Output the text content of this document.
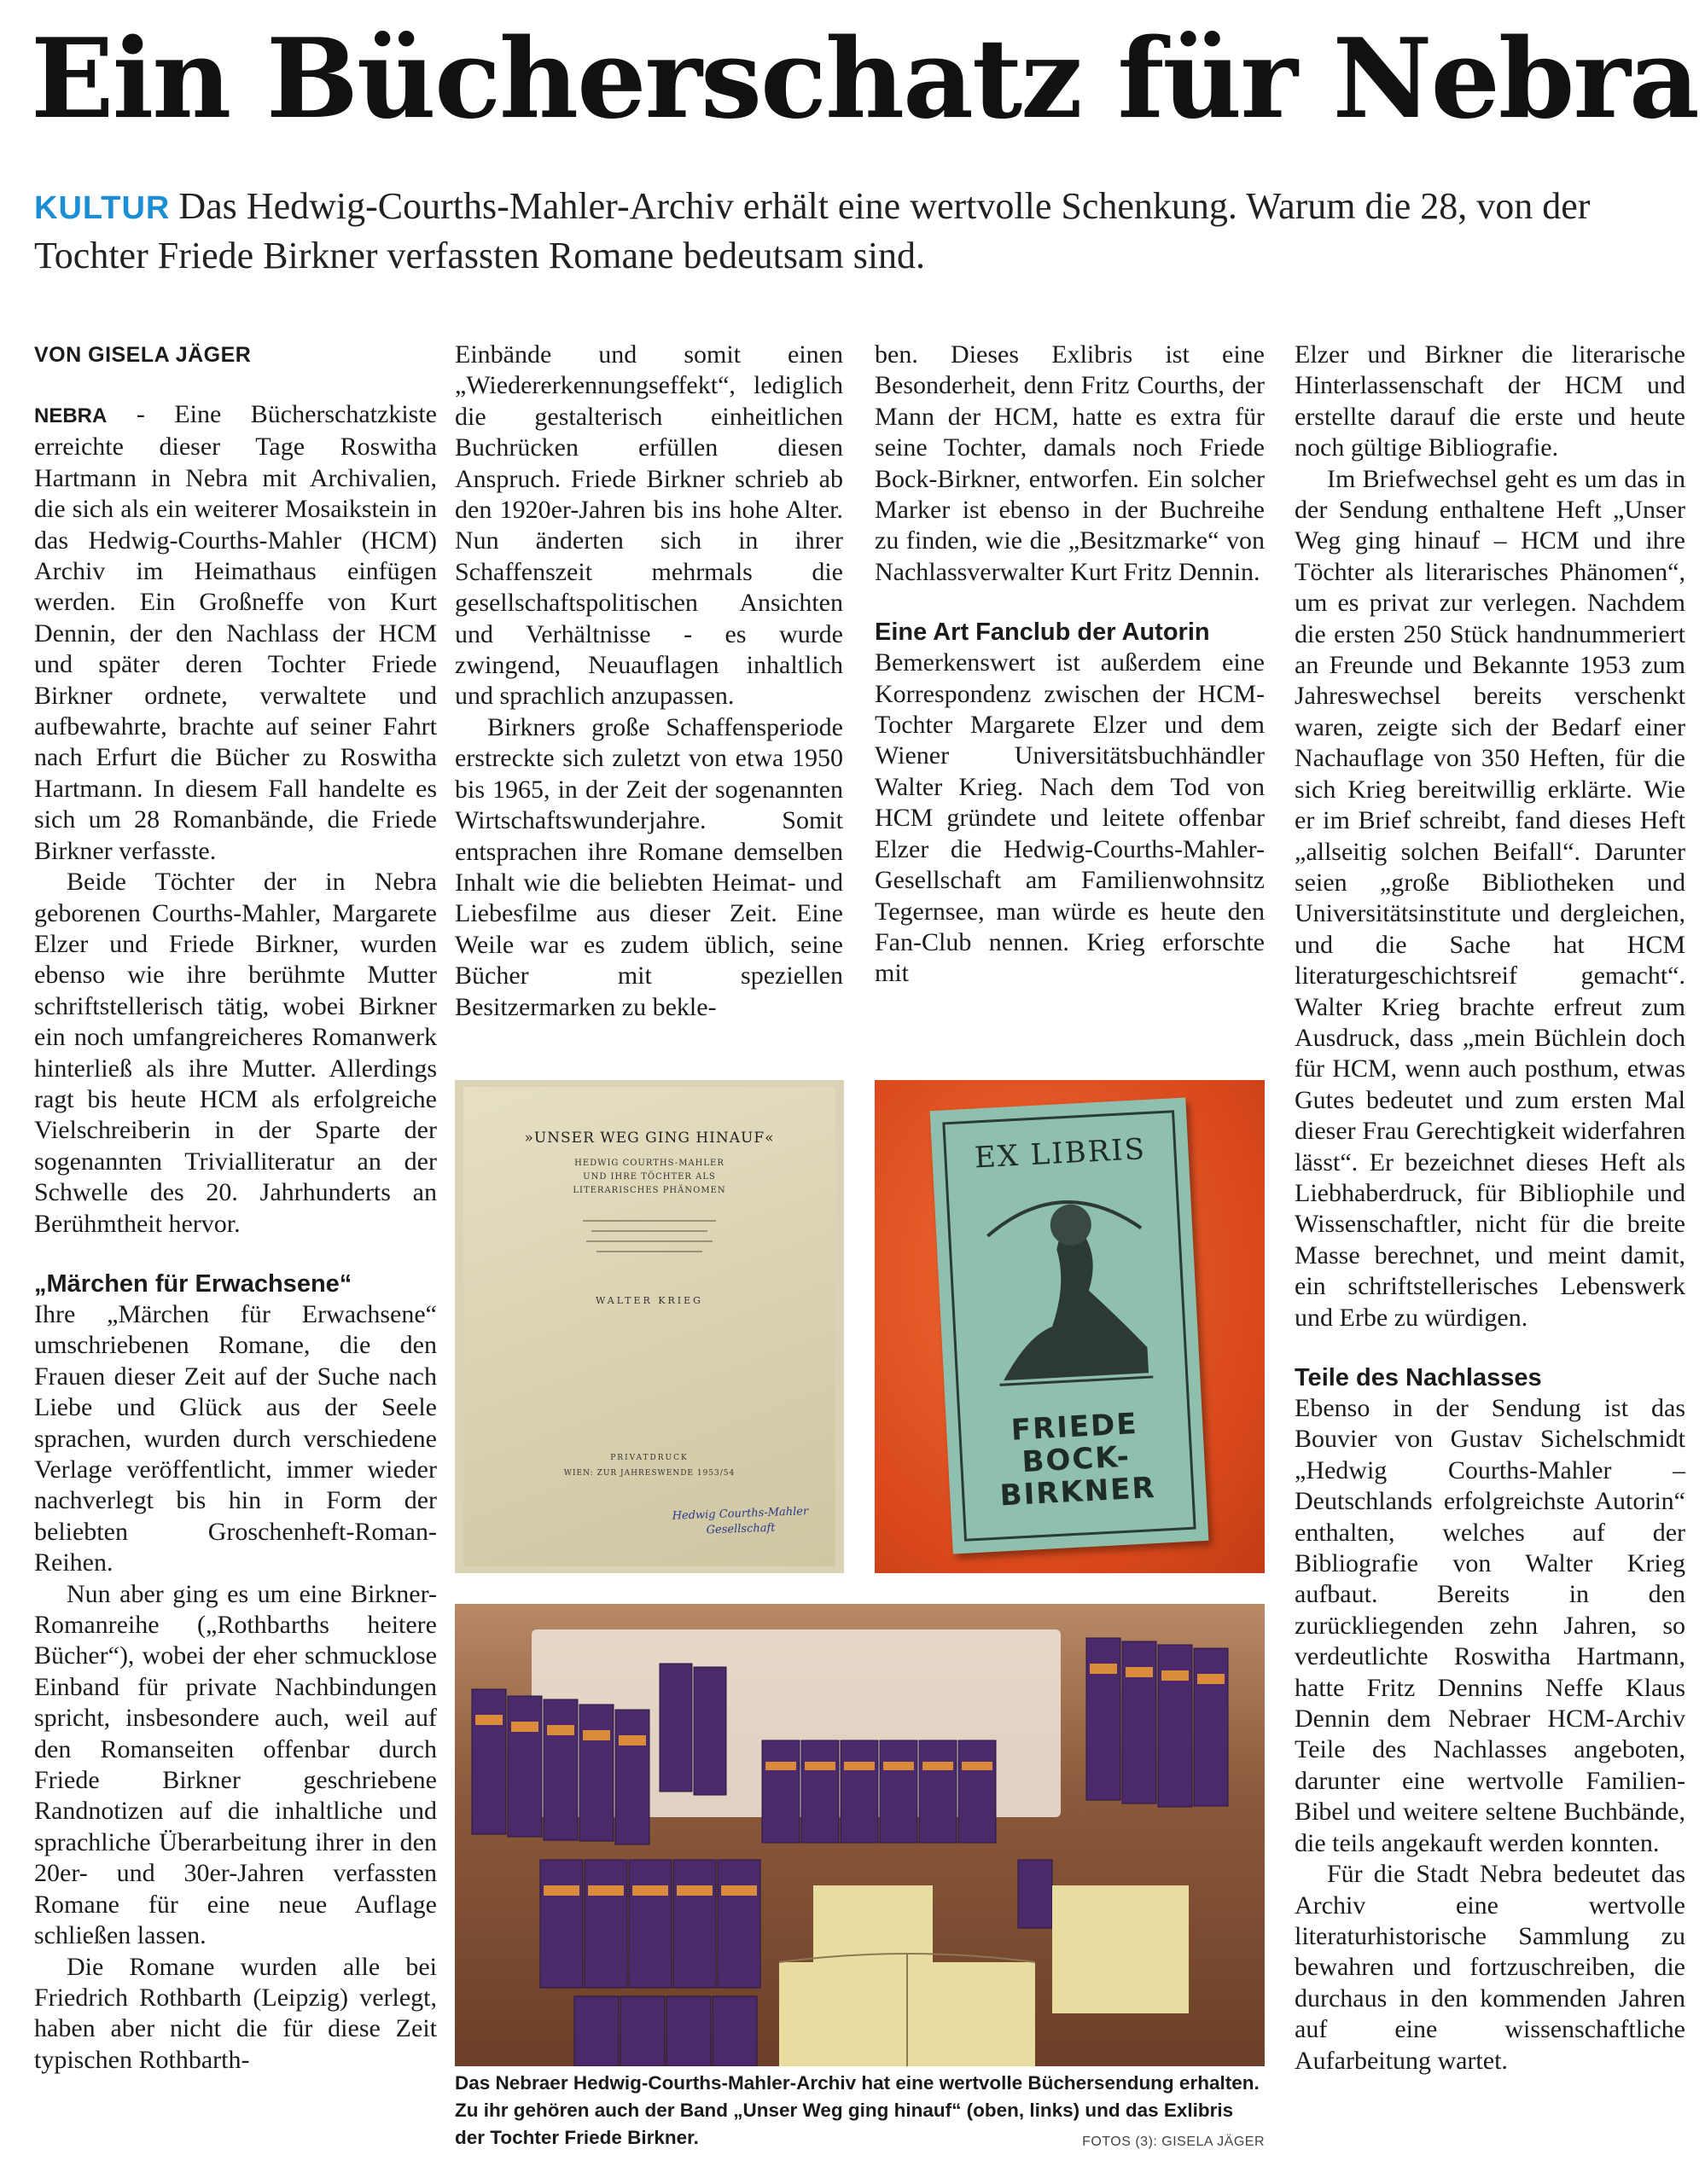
Ein Bücherschatz für Nebra
KULTUR Das Hedwig-Courths-Mahler-Archiv erhält eine wertvolle Schenkung. Warum die 28, von der Tochter Friede Birkner verfassten Romane bedeutsam sind.
VON GISELA JÄGER

NEBRA - Eine Bücherschatzkiste erreichte dieser Tage Roswitha Hartmann in Nebra mit Archivalien, die sich als ein weiterer Mosaikstein in das Hedwig-Courths-Mahler (HCM) Archiv im Heimathaus einfügen werden. Ein Großneffe von Kurt Dennin, der den Nachlass der HCM und später deren Tochter Friede Birkner ordnete, verwaltete und aufbewahrte, brachte auf seiner Fahrt nach Erfurt die Bücher zu Roswitha Hartmann. In diesem Fall handelte es sich um 28 Romanbände, die Friede Birkner verfasste.

Beide Töchter der in Nebra geborenen Courths-Mahler, Margarete Elzer und Friede Birkner, wurden ebenso wie ihre berühmte Mutter schriftstellerisch tätig, wobei Birkner ein noch umfangreicheres Romanwerk hinterließ als ihre Mutter. Allerdings ragt bis heute HCM als erfolgreiche Vielschreiberin in der Sparte der sogenannten Trivialliteratur an der Schwelle des 20. Jahrhunderts an Berühmtheit hervor.

„Märchen für Erwachsene“

Ihre „Märchen für Erwachsene“ umschriebenen Romane, die den Frauen dieser Zeit auf der Suche nach Liebe und Glück aus der Seele sprachen, wurden durch verschiedene Verlage veröffentlicht, immer wieder nachverlegt bis hin in Form der beliebten Groschenheft-Roman-Reihen.

Nun aber ging es um eine Birkner-Romanreihe („Rothbarths heitere Bücher“), wobei der eher schmucklose Einband für private Nachbindungen spricht, insbesondere auch, weil auf den Romanseiten offenbar durch Friede Birkner geschriebene Randnotizen auf die inhaltliche und sprachliche Überarbeitung ihrer in den 20er- und 30er-Jahren verfassten Romane für eine neue Auflage schließen lassen.

Die Romane wurden alle bei Friedrich Rothbarth (Leipzig) verlegt, haben aber nicht die für diese Zeit typischen Rothbarth-

Einbände und somit einen „Wiedererkennungseffekt“, lediglich die gestalterisch einheitlichen Buchrücken erfüllen diesen Anspruch. Friede Birkner schrieb ab den 1920er-Jahren bis ins hohe Alter. Nun änderten sich in ihrer Schaffenszeit mehrmals die gesellschaftspolitischen Ansichten und Verhältnisse - es wurde zwingend, Neuauflagen inhaltlich und sprachlich anzupassen.

Birkners große Schaffensperiode erstreckte sich zuletzt von etwa 1950 bis 1965, in der Zeit der sogenannten Wirtschaftswunderjahre. Somit entsprachen ihre Romane demselben Inhalt wie die beliebten Heimat- und Liebesfilme aus dieser Zeit. Eine Weile war es zudem üblich, seine Bücher mit speziellen Besitzermarken zu bekle-

ben. Dieses Exlibris ist eine Besonderheit, denn Fritz Courths, der Mann der HCM, hatte es extra für seine Tochter, damals noch Friede Bock-Birkner, entworfen. Ein solcher Marker ist ebenso in der Buchreihe zu finden, wie die „Besitzmarke“ von Nachlassverwalter Kurt Fritz Dennin.

Eine Art Fanclub der Autorin

Bemerkenswert ist außerdem eine Korrespondenz zwischen der HCM-Tochter Margarete Elzer und dem Wiener Universitätsbuchhändler Walter Krieg. Nach dem Tod von HCM gründete und leitete offenbar Elzer die Hedwig-Courths-Mahler-Gesellschaft am Familienwohnsitz Tegernsee, man würde es heute den Fan-Club nennen. Krieg erforschte mit

Elzer und Birkner die literarische Hinterlassenschaft der HCM und erstellte darauf die erste und heute noch gültige Bibliografie.

Im Briefwechsel geht es um das in der Sendung enthaltene Heft „Unser Weg ging hinauf – HCM und ihre Töchter als literarisches Phänomen“, um es privat zur verlegen. Nachdem die ersten 250 Stück handnummeriert an Freunde und Bekannte 1953 zum Jahreswechsel bereits verschenkt waren, zeigte sich der Bedarf einer Nachauflage von 350 Heften, für die sich Krieg bereitwillig erklärte. Wie er im Brief schreibt, fand dieses Heft „allseitig solchen Beifall“. Darunter seien „große Bibliotheken und Universitätsinstitute und dergleichen, und die Sache hat HCM literaturgeschichtsreif gemacht“. Walter Krieg brachte erfreut zum Ausdruck, dass „mein Büchlein doch für HCM, wenn auch posthum, etwas Gutes bedeutet und zum ersten Mal dieser Frau Gerechtigkeit widerfahren lässt“. Er bezeichnet dieses Heft als Liebhaberdruck, für Bibliophile und Wissenschaftler, nicht für die breite Masse berechnet, und meint damit, ein schriftstellerisches Lebenswerk und Erbe zu würdigen.

Teile des Nachlasses

Ebenso in der Sendung ist das Bouvier von Gustav Sichelschmidt „Hedwig Courths-Mahler – Deutschlands erfolgreichste Autorin“ enthalten, welches auf der Bibliografie von Walter Krieg aufbaut. Bereits in den zurückliegenden zehn Jahren, so verdeutlichte Roswitha Hartmann, hatte Fritz Dennins Neffe Klaus Dennin dem Nebraer HCM-Archiv Teile des Nachlasses angeboten, darunter eine wertvolle Familien-Bibel und weitere seltene Buchbände, die teils angekauft werden konnten.

Für die Stadt Nebra bedeutet das Archiv eine wertvolle literaturhistorische Sammlung zu bewahren und fortzuschreiben, die durchaus in den kommenden Jahren auf eine wissenschaftliche Aufarbeitung wartet.

»UNSER WEG GING HINAUF«
HEDWIG COURTHS-MAHLER
UND IHRE TÖCHTER ALS
LITERARISCHES PHÄNOMEN
WALTER KRIEG
PRIVATDRUCK
WIEN: ZUR JAHRESWENDE 1953/54
Hedwig Courths-Mahler Gesellschaft
EX LIBRIS
FRIEDE
BOCK-
BIRKNER
Das Nebraer Hedwig-Courths-Mahler-Archiv hat eine wertvolle Büchersendung erhalten. Zu ihr gehören auch der Band „Unser Weg ging hinauf“ (oben, links) und das Exlibris der Tochter Friede Birkner.	FOTOS (3): GISELA JÄGER
